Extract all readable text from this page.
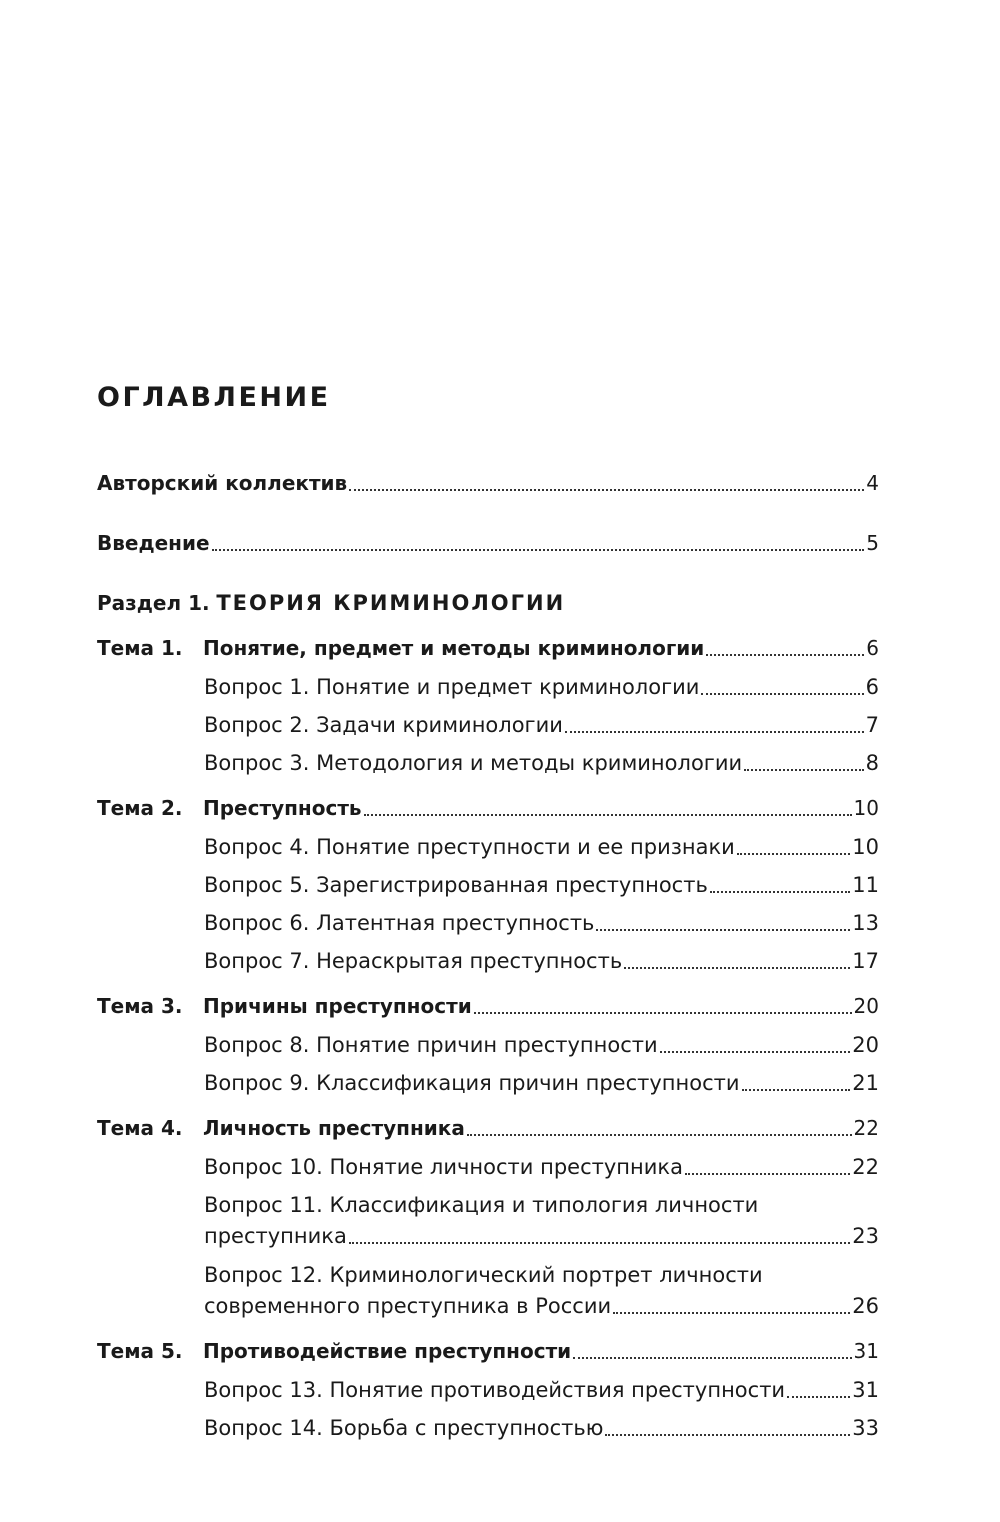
ОГЛАВЛЕНИЕ
Авторский коллектив	4
Введение	5
Раздел 1. ТЕОРИЯ КРИМИНОЛОГИИ
Тема 1.	Понятие, предмет и методы криминологии	6
Вопрос 1. Понятие и предмет криминологии	6
Вопрос 2. Задачи криминологии	7
Вопрос 3. Методология и методы криминологии	8
Тема 2.	Преступность	10
Вопрос 4. Понятие преступности и ее признаки	10
Вопрос 5. Зарегистрированная преступность	11
Вопрос 6. Латентная преступность	13
Вопрос 7. Нераскрытая преступность	17
Тема 3.	Причины преступности	20
Вопрос 8. Понятие причин преступности	20
Вопрос 9. Классификация причин преступности	21
Тема 4.	Личность преступника	22
Вопрос 10. Понятие личности преступника	22
Вопрос 11. Классификация и типология личности
преступника	23
Вопрос 12. Криминологический портрет личности
современного преступника в России	26
Тема 5.	Противодействие преступности	31
Вопрос 13. Понятие противодействия преступности	31
Вопрос 14. Борьба с преступностью	33
